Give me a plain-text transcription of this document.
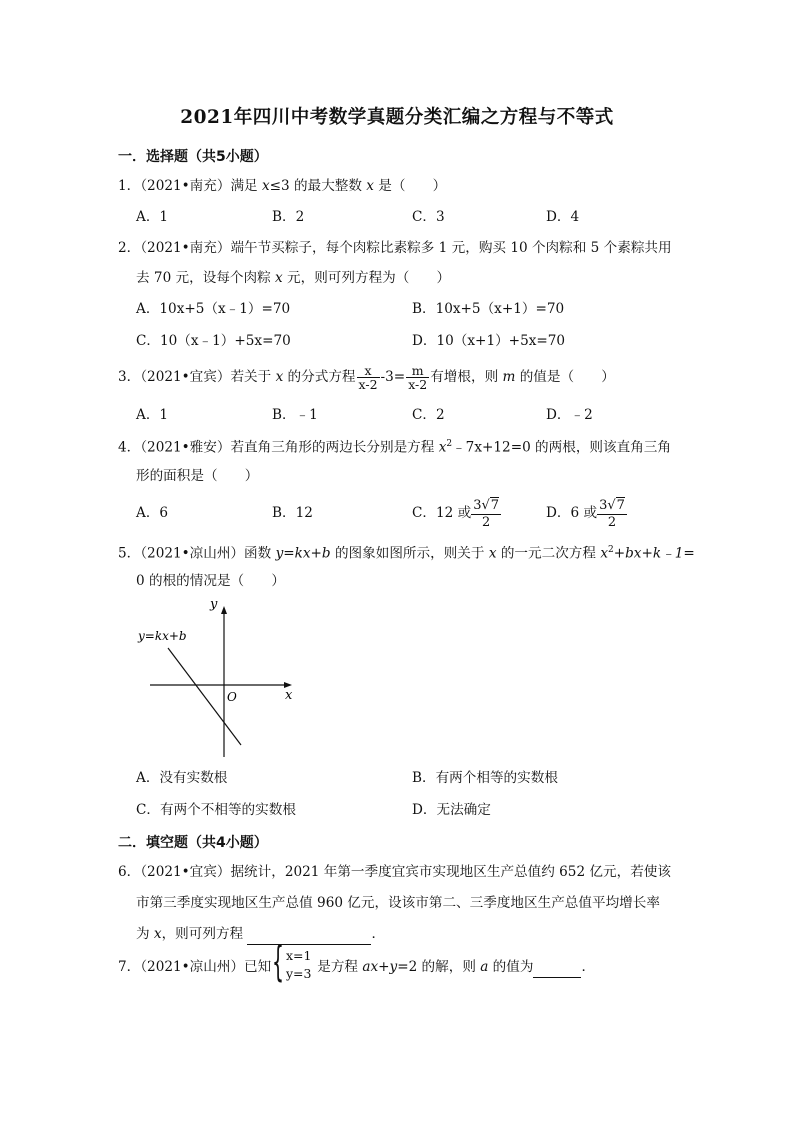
2021年四川中考数学真题分类汇编之方程与不等式
一．选择题（共5小题）
1．（2021•南充）满足 x≤3 的最大整数 x 是（　　）
A．1	B．2	C．3	D．4
2．（2021•南充）端午节买粽子，每个肉粽比素粽多 1 元，购买 10 个肉粽和 5 个素粽共用
去 70 元，设每个肉粽 x 元，则可列方程为（　　）
A．10x+5（x﹣1）=70	B．10x+5（x+1）=70
C．10（x﹣1）+5x=70	D．10（x+1）+5x=70
3．（2021•宜宾）若关于 x 的分式方程 $\frac{x}{x-2} -3= \frac{m}{x-2}$ 有增根，则 m 的值是（　　）
A．1	B．﹣1	C．2	D．﹣2
4．（2021•雅安）若直角三角形的两边长分别是方程 $x^2﹣7x+12=0$ 的两根，则该直角三角
形的面积是（　　）
A．6	B．12	C．12 或 $\frac{3√7}{2}$	D．6 或 $\frac{3√7}{2}$
5．（2021•凉山州）函数 y=kx+b 的图象如图所示，则关于 x 的一元二次方程 $x^2+bx+k﹣1=$
0 的根的情况是（　　）
y
x
O
y=kx+b
A．没有实数根	B．有两个相等的实数根
C．有两个不相等的实数根	D．无法确定
二．填空题（共4小题）
6．（2021•宜宾）据统计，2021 年第一季度宜宾市实现地区生产总值约 652 亿元，若使该
市第三季度实现地区生产总值 960 亿元，设该市第二、三季度地区生产总值平均增长率
为 x，则可列方程	．
7．（2021•凉山州）已知	是方程 ax+y=2 的解，则 a 的值为	．
{ x=1
y=3
